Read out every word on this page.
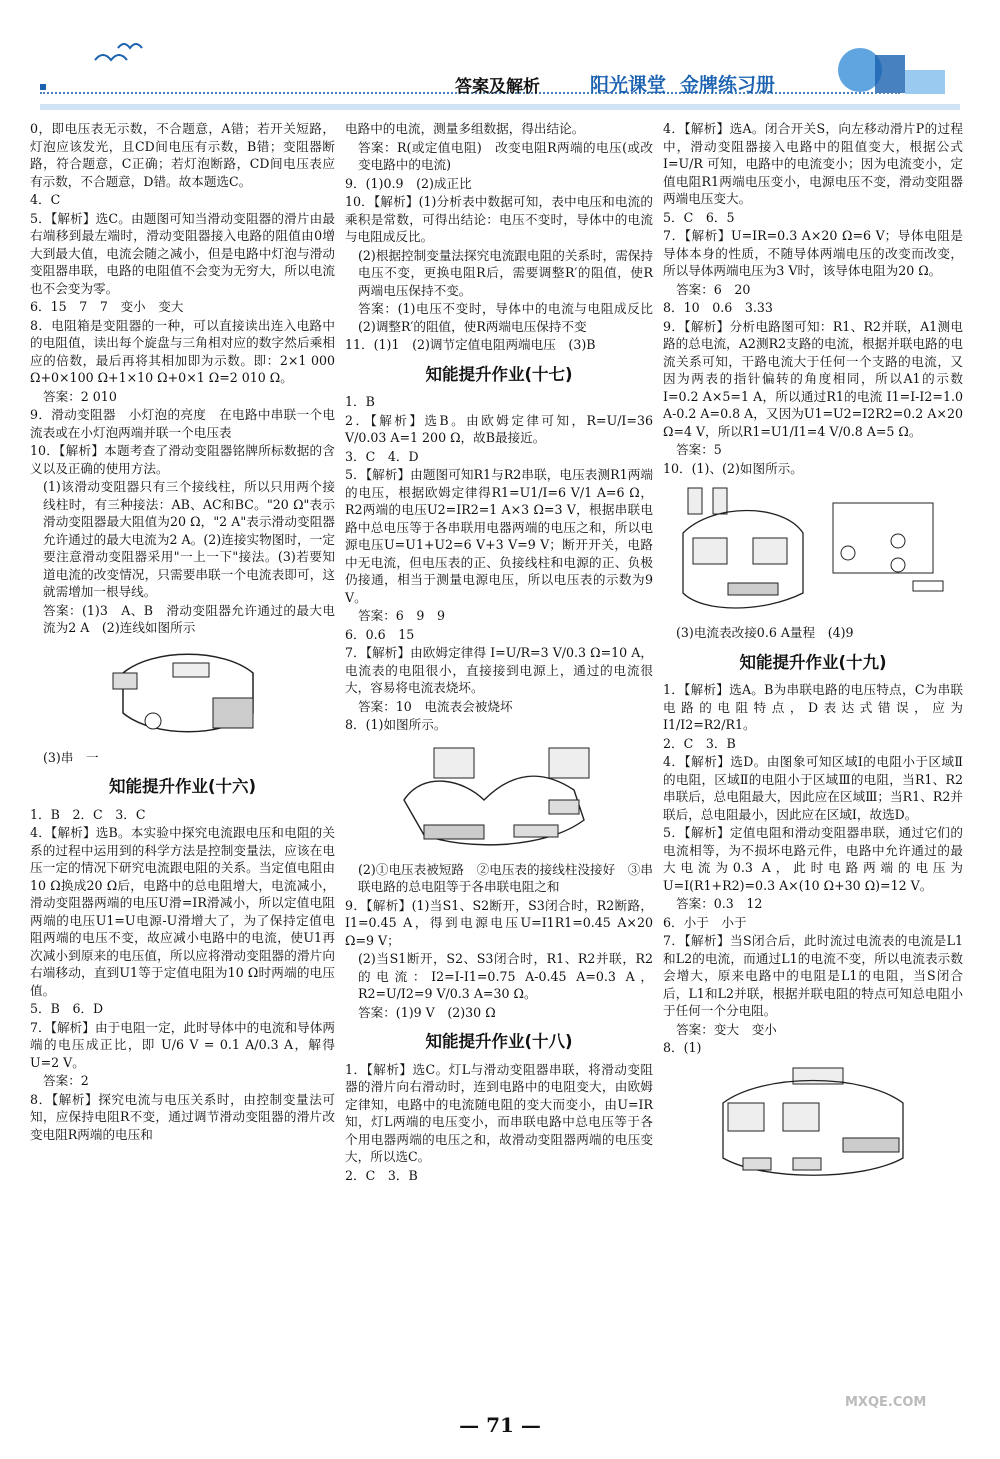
答案及解析	阳光课堂 金牌练习册

0，即电压表无示数，不合题意，A错；若开关短路，灯泡应该发光，且CD间电压有示数，B错；变阻器断路，符合题意，C正确；若灯泡断路，CD间电压表应有示数，不合题意，D错。故本题选C。

4．C

5．【解析】选C。由题图可知当滑动变阻器的滑片由最右端移到最左端时，滑动变阻器接入电路的阻值由0增大到最大值，电流会随之减小，但是电路中灯泡与滑动变阻器串联，电路的电阻值不会变为无穷大，所以电流也不会变为零。

6．15　7　7　变小　变大

8．电阻箱是变阻器的一种，可以直接读出连入电路中的电阻值，读出每个旋盘与三角相对应的数字然后乘相应的倍数，最后再将其相加即为示数。即：2×1 000 Ω+0×100 Ω+1×10 Ω+0×1 Ω=2 010 Ω。

答案：2 010

9．滑动变阻器　小灯泡的亮度　在电路中串联一个电流表或在小灯泡两端并联一个电压表

10．【解析】本题考查了滑动变阻器铭牌所标数据的含义以及正确的使用方法。

(1)该滑动变阻器只有三个接线柱，所以只用两个接线柱时，有三种接法：AB、AC和BC。"20 Ω"表示滑动变阻器最大阻值为20 Ω，"2 A"表示滑动变阻器允许通过的最大电流为2 A。(2)连接实物图时，一定要注意滑动变阻器采用"一上一下"接法。(3)若要知道电流的改变情况，只需要串联一个电流表即可，这就需增加一根导线。

答案：(1)3　A、B　滑动变阻器允许通过的最大电流为2 A　(2)连线如图所示

(3)串　一

知能提升作业(十六)

1．B　2．C　3．C

4．【解析】选B。本实验中探究电流跟电压和电阻的关系的过程中运用到的科学方法是控制变量法，应该在电压一定的情况下研究电流跟电阻的关系。当定值电阻由10 Ω换成20 Ω后，电路中的总电阻增大，电流减小，滑动变阻器两端的电压U滑=IR滑减小，所以定值电阻两端的电压U1=U电源-U滑增大了，为了保持定值电阻两端的电压不变，故应减小电路中的电流，使U1再次减小到原来的电压值，所以应将滑动变阻器的滑片向右端移动，直到U1等于定值电阻为10 Ω时两端的电压值。

5．B　6．D

7．【解析】由于电阻一定，此时导体中的电流和导体两端的电压成正比，即 U/6 V = 0.1 A/0.3 A，解得U=2 V。

答案：2

8．【解析】探究电流与电压关系时，由控制变量法可知，应保持电阻R不变，通过调节滑动变阻器的滑片改变电阻R两端的电压和

电路中的电流，测量多组数据，得出结论。

答案：R(或定值电阻)　改变电阻R两端的电压(或改变电路中的电流)

9．(1)0.9　(2)成正比

10．【解析】(1)分析表中数据可知，表中电压和电流的乘积是常数，可得出结论：电压不变时，导体中的电流与电阻成反比。

(2)根据控制变量法探究电流跟电阻的关系时，需保持电压不变，更换电阻R后，需要调整R′的阻值，使R两端电压保持不变。

答案：(1)电压不变时，导体中的电流与电阻成反比　(2)调整R′的阻值，使R两端电压保持不变

11．(1)1　(2)调节定值电阻两端电压　(3)B

知能提升作业(十七)

1．B

2．【解析】选B。由欧姆定律可知，R=U/I=36 V/0.03 A=1 200 Ω，故B最接近。

3．C　4．D

5．【解析】由题图可知R1与R2串联，电压表测R1两端的电压，根据欧姆定律得R1=U1/I=6 V/1 A=6 Ω，R2两端的电压U2=IR2=1 A×3 Ω=3 V，根据串联电路中总电压等于各串联用电器两端的电压之和，所以电源电压U=U1+U2=6 V+3 V=9 V；断开开关，电路中无电流，但电压表的正、负接线柱和电源的正、负极仍接通，相当于测量电源电压，所以电压表的示数为9 V。

答案：6　9　9

6．0.6　15

7．【解析】由欧姆定律得 I=U/R=3 V/0.3 Ω=10 A，电流表的电阻很小，直接接到电源上，通过的电流很大，容易将电流表烧坏。

答案：10　电流表会被烧坏

8．(1)如图所示。

(2)①电压表被短路　②电压表的接线柱没接好　③串联电路的总电阻等于各串联电阻之和

9．【解析】(1)当S1、S2断开，S3闭合时，R2断路，I1=0.45 A，得到电源电压U=I1R1=0.45 A×20 Ω=9 V；

(2)当S1断开，S2、S3闭合时，R1、R2并联，R2的电流：I2=I-I1=0.75 A-0.45 A=0.3 A，R2=U/I2=9 V/0.3 A=30 Ω。

答案：(1)9 V　(2)30 Ω

知能提升作业(十八)

1．【解析】选C。灯L与滑动变阻器串联，将滑动变阻器的滑片向右滑动时，连到电路中的电阻变大，由欧姆定律知，电路中的电流随电阻的变大而变小，由U=IR知，灯L两端的电压变小，而串联电路中总电压等于各个用电器两端的电压之和，故滑动变阻器两端的电压变大，所以选C。

2．C　3．B

4．【解析】选A。闭合开关S，向左移动滑片P的过程中，滑动变阻器接入电路中的阻值变大，根据公式 I=U/R 可知，电路中的电流变小；因为电流变小，定值电阻R1两端电压变小，电源电压不变，滑动变阻器两端电压变大。

5．C　6．5

7．【解析】U=IR=0.3 A×20 Ω=6 V；导体电阻是导体本身的性质，不随导体两端电压的改变而改变，所以导体两端电压为3 V时，该导体电阻为20 Ω。

答案：6　20

8．10　0.6　3.33

9．【解析】分析电路图可知：R1、R2并联，A1测电路的总电流，A2测R2支路的电流，根据并联电路的电流关系可知，干路电流大于任何一个支路的电流，又因为两表的指针偏转的角度相同，所以A1的示数 I=0.2 A×5=1 A，所以通过R1的电流 I1=I-I2=1.0 A-0.2 A=0.8 A，又因为U1=U2=I2R2=0.2 A×20 Ω=4 V，所以R1=U1/I1=4 V/0.8 A=5 Ω。

答案：5

10．(1)、(2)如图所示。

(3)电流表改接0.6 A量程　(4)9

知能提升作业(十九)

1．【解析】选A。B为串联电路的电压特点，C为串联电路的电阻特点，D表达式错误，应为 I1/I2=R2/R1。

2．C　3．B

4．【解析】选D。由图象可知区域Ⅰ的电阻小于区域Ⅱ的电阻，区域Ⅱ的电阻小于区域Ⅲ的电阻，当R1、R2串联后，总电阻最大，因此应在区域Ⅲ；当R1、R2并联后，总电阻最小，因此应在区域Ⅰ，故选D。

5．【解析】定值电阻和滑动变阻器串联，通过它们的电流相等，为不损坏电路元件，电路中允许通过的最大电流为0.3 A，此时电路两端的电压为U=I(R1+R2)=0.3 A×(10 Ω+30 Ω)=12 V。

答案：0.3　12

6．小于　小于

7．【解析】当S闭合后，此时流过电流表的电流是L1和L2的电流，而通过L1的电流不变，所以电流表示数会增大，原来电路中的电阻是L1的电阻，当S闭合后，L1和L2并联，根据并联电阻的特点可知总电阻小于任何一个分电阻。

答案：变大　变小

8．(1)

— 71 —
MXQE.COM
